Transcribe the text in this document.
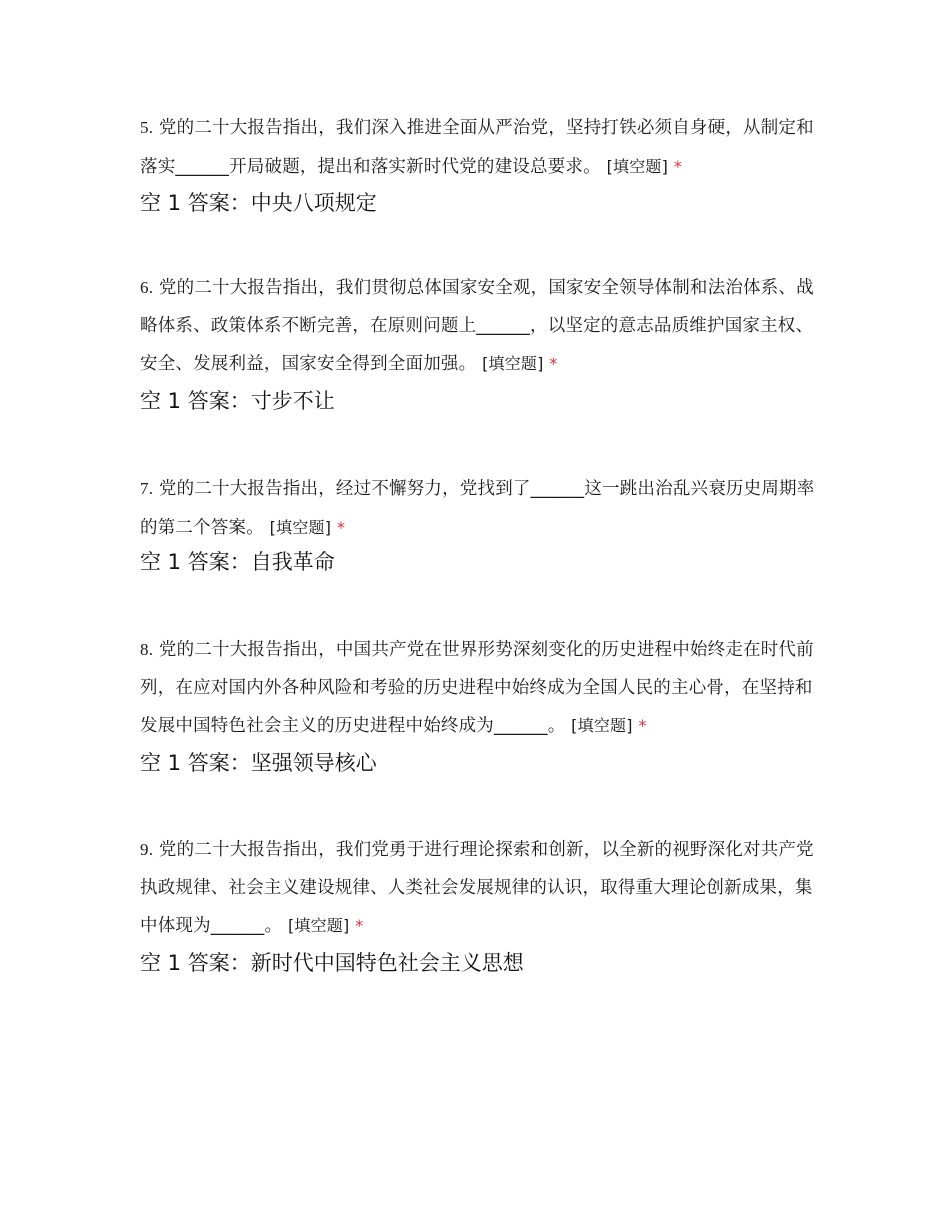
5. 党的二十大报告指出，我们深入推进全面从严治党，坚持打铁必须自身硬，从制定和落实______开局破题，提出和落实新时代党的建设总要求。 [填空题] *

空 1 答案：中央八项规定

6. 党的二十大报告指出，我们贯彻总体国家安全观，国家安全领导体制和法治体系、战略体系、政策体系不断完善，在原则问题上______，以坚定的意志品质维护国家主权、安全、发展利益，国家安全得到全面加强。 [填空题] *

空 1 答案：寸步不让

7. 党的二十大报告指出，经过不懈努力，党找到了______这一跳出治乱兴衰历史周期率的第二个答案。 [填空题] *

空 1 答案：自我革命

8. 党的二十大报告指出，中国共产党在世界形势深刻变化的历史进程中始终走在时代前列，在应对国内外各种风险和考验的历史进程中始终成为全国人民的主心骨，在坚持和发展中国特色社会主义的历史进程中始终成为______。 [填空题] *

空 1 答案：坚强领导核心

9. 党的二十大报告指出，我们党勇于进行理论探索和创新，以全新的视野深化对共产党执政规律、社会主义建设规律、人类社会发展规律的认识，取得重大理论创新成果，集中体现为______。 [填空题] *

空 1 答案：新时代中国特色社会主义思想
